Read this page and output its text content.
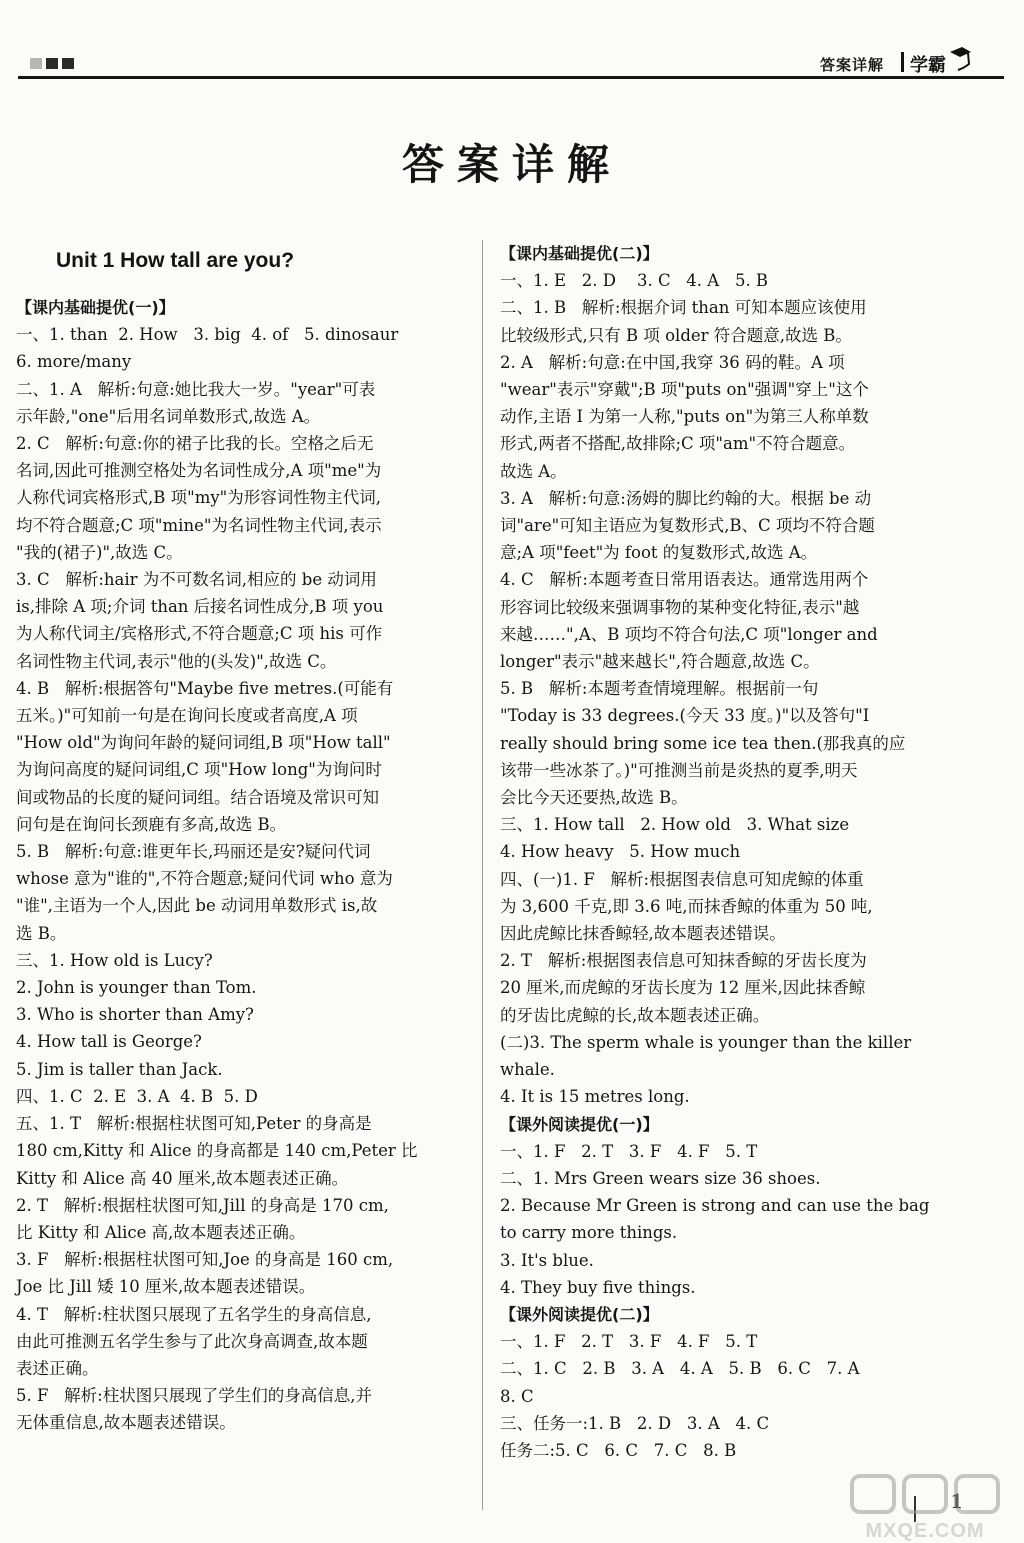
答案详解 学霸
答案详解
Unit 1 How tall are you?
【课内基础提优(一)】
一、1. than  2. How   3. big  4. of   5. dinosaur
6. more/many
二、1. A   解析:句意:她比我大一岁。"year"可表
示年龄,"one"后用名词单数形式,故选 A。
2. C   解析:句意:你的裙子比我的长。空格之后无
名词,因此可推测空格处为名词性成分,A 项"me"为
人称代词宾格形式,B 项"my"为形容词性物主代词,
均不符合题意;C 项"mine"为名词性物主代词,表示
"我的(裙子)",故选 C。
3. C   解析:hair 为不可数名词,相应的 be 动词用
is,排除 A 项;介词 than 后接名词性成分,B 项 you
为人称代词主/宾格形式,不符合题意;C 项 his 可作
名词性物主代词,表示"他的(头发)",故选 C。
4. B   解析:根据答句"Maybe five metres.(可能有
五米。)"可知前一句是在询问长度或者高度,A 项
"How old"为询问年龄的疑问词组,B 项"How tall"
为询问高度的疑问词组,C 项"How long"为询问时
间或物品的长度的疑问词组。结合语境及常识可知
问句是在询问长颈鹿有多高,故选 B。
5. B   解析:句意:谁更年长,玛丽还是安?疑问代词
whose 意为"谁的",不符合题意;疑问代词 who 意为
"谁",主语为一个人,因此 be 动词用单数形式 is,故
选 B。
三、1. How old is Lucy?
2. John is younger than Tom.
3. Who is shorter than Amy?
4. How tall is George?
5. Jim is taller than Jack.
四、1. C  2. E  3. A  4. B  5. D
五、1. T   解析:根据柱状图可知,Peter 的身高是
180 cm,Kitty 和 Alice 的身高都是 140 cm,Peter 比
Kitty 和 Alice 高 40 厘米,故本题表述正确。
2. T   解析:根据柱状图可知,Jill 的身高是 170 cm,
比 Kitty 和 Alice 高,故本题表述正确。
3. F   解析:根据柱状图可知,Joe 的身高是 160 cm,
Joe 比 Jill 矮 10 厘米,故本题表述错误。
4. T   解析:柱状图只展现了五名学生的身高信息,
由此可推测五名学生参与了此次身高调查,故本题
表述正确。
5. F   解析:柱状图只展现了学生们的身高信息,并
无体重信息,故本题表述错误。
【课内基础提优(二)】
一、1. E   2. D    3. C   4. A   5. B
二、1. B   解析:根据介词 than 可知本题应该使用
比较级形式,只有 B 项 older 符合题意,故选 B。
2. A   解析:句意:在中国,我穿 36 码的鞋。A 项
"wear"表示"穿戴";B 项"puts on"强调"穿上"这个
动作,主语 I 为第一人称,"puts on"为第三人称单数
形式,两者不搭配,故排除;C 项"am"不符合题意。
故选 A。
3. A   解析:句意:汤姆的脚比约翰的大。根据 be 动
词"are"可知主语应为复数形式,B、C 项均不符合题
意;A 项"feet"为 foot 的复数形式,故选 A。
4. C   解析:本题考查日常用语表达。通常选用两个
形容词比较级来强调事物的某种变化特征,表示"越
来越……",A、B 项均不符合句法,C 项"longer and
longer"表示"越来越长",符合题意,故选 C。
5. B   解析:本题考查情境理解。根据前一句
"Today is 33 degrees.(今天 33 度。)"以及答句"I
really should bring some ice tea then.(那我真的应
该带一些冰茶了。)"可推测当前是炎热的夏季,明天
会比今天还要热,故选 B。
三、1. How tall   2. How old   3. What size
4. How heavy   5. How much
四、(一)1. F   解析:根据图表信息可知虎鲸的体重
为 3,600 千克,即 3.6 吨,而抹香鲸的体重为 50 吨,
因此虎鲸比抹香鲸轻,故本题表述错误。
2. T   解析:根据图表信息可知抹香鲸的牙齿长度为
20 厘米,而虎鲸的牙齿长度为 12 厘米,因此抹香鲸
的牙齿比虎鲸的长,故本题表述正确。
(二)3. The sperm whale is younger than the killer
whale.
4. It is 15 metres long.
【课外阅读提优(一)】
一、1. F   2. T   3. F   4. F   5. T
二、1. Mrs Green wears size 36 shoes.
2. Because Mr Green is strong and can use the bag
to carry more things.
3. It's blue.
4. They buy five things.
【课外阅读提优(二)】
一、1. F   2. T   3. F   4. F   5. T
二、1. C   2. B   3. A   4. A   5. B   6. C   7. A
8. C
三、任务一:1. B   2. D   3. A   4. C
任务二:5. C   6. C   7. C   8. B
1
MXQE.COM
